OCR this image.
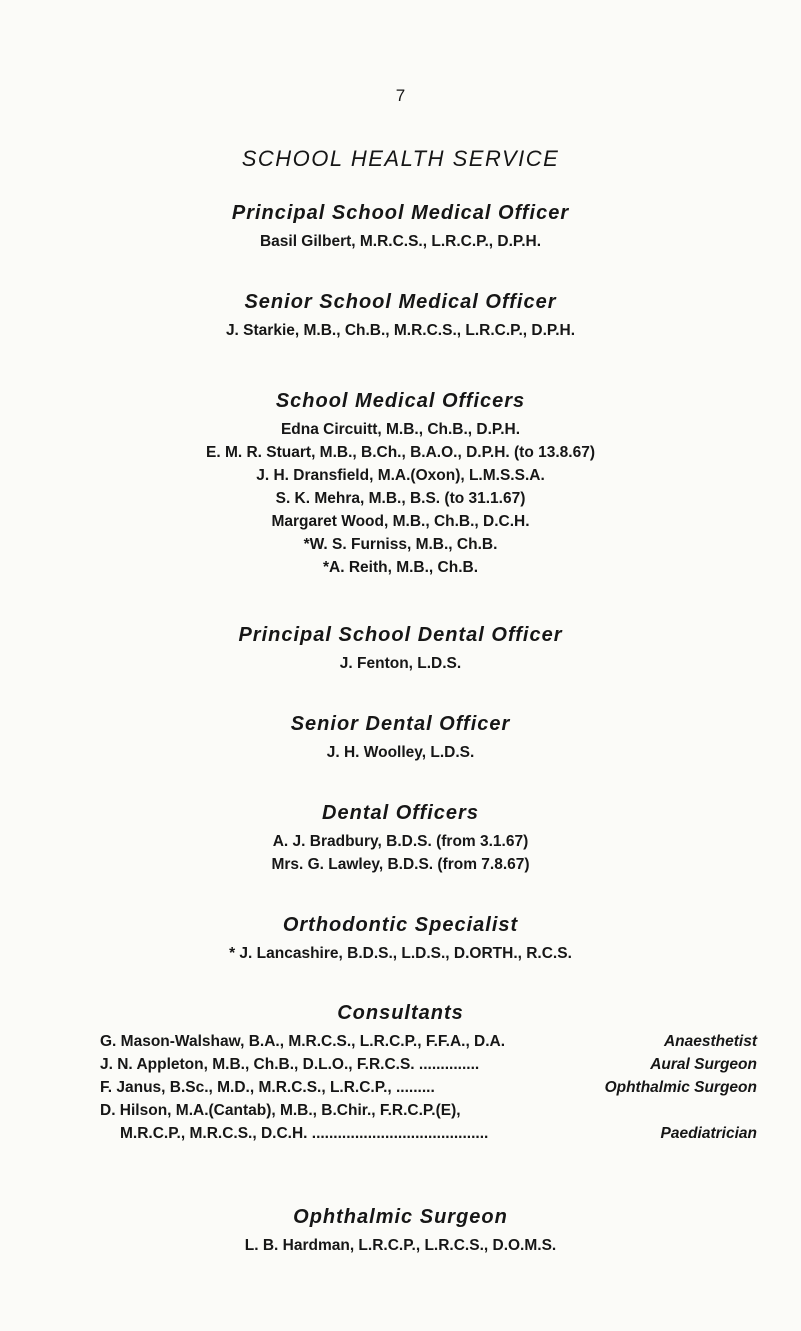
7
SCHOOL HEALTH SERVICE
Principal School Medical Officer
Basil Gilbert, M.R.C.S., L.R.C.P., D.P.H.
Senior School Medical Officer
J. Starkie, M.B., Ch.B., M.R.C.S., L.R.C.P., D.P.H.
School Medical Officers
Edna Circuitt, M.B., Ch.B., D.P.H.
E. M. R. Stuart, M.B., B.Ch., B.A.O., D.P.H. (to 13.8.67)
J. H. Dransfield, M.A.(Oxon), L.M.S.S.A.
S. K. Mehra, M.B., B.S. (to 31.1.67)
Margaret Wood, M.B., Ch.B., D.C.H.
*W. S. Furniss, M.B., Ch.B.
*A. Reith, M.B., Ch.B.
Principal School Dental Officer
J. Fenton, L.D.S.
Senior Dental Officer
J. H. Woolley, L.D.S.
Dental Officers
A. J. Bradbury, B.D.S. (from 3.1.67)
Mrs. G. Lawley, B.D.S. (from 7.8.67)
Orthodontic Specialist
* J. Lancashire, B.D.S., L.D.S., D.ORTH., R.C.S.
Consultants
G. Mason-Walshaw, B.A., M.R.C.S., L.R.C.P., F.F.A., D.A.	Anaesthetist
J. N. Appleton, M.B., Ch.B., D.L.O., F.R.C.S. ..............	Aural Surgeon
F. Janus, B.Sc., M.D., M.R.C.S., L.R.C.P., .........	Ophthalmic Surgeon
D. Hilson, M.A.(Cantab), M.B., B.Chir., F.R.C.P.(E),
M.R.C.P., M.R.C.S., D.C.H. .........................................	Paediatrician
Ophthalmic Surgeon
L. B. Hardman, L.R.C.P., L.R.C.S., D.O.M.S.
